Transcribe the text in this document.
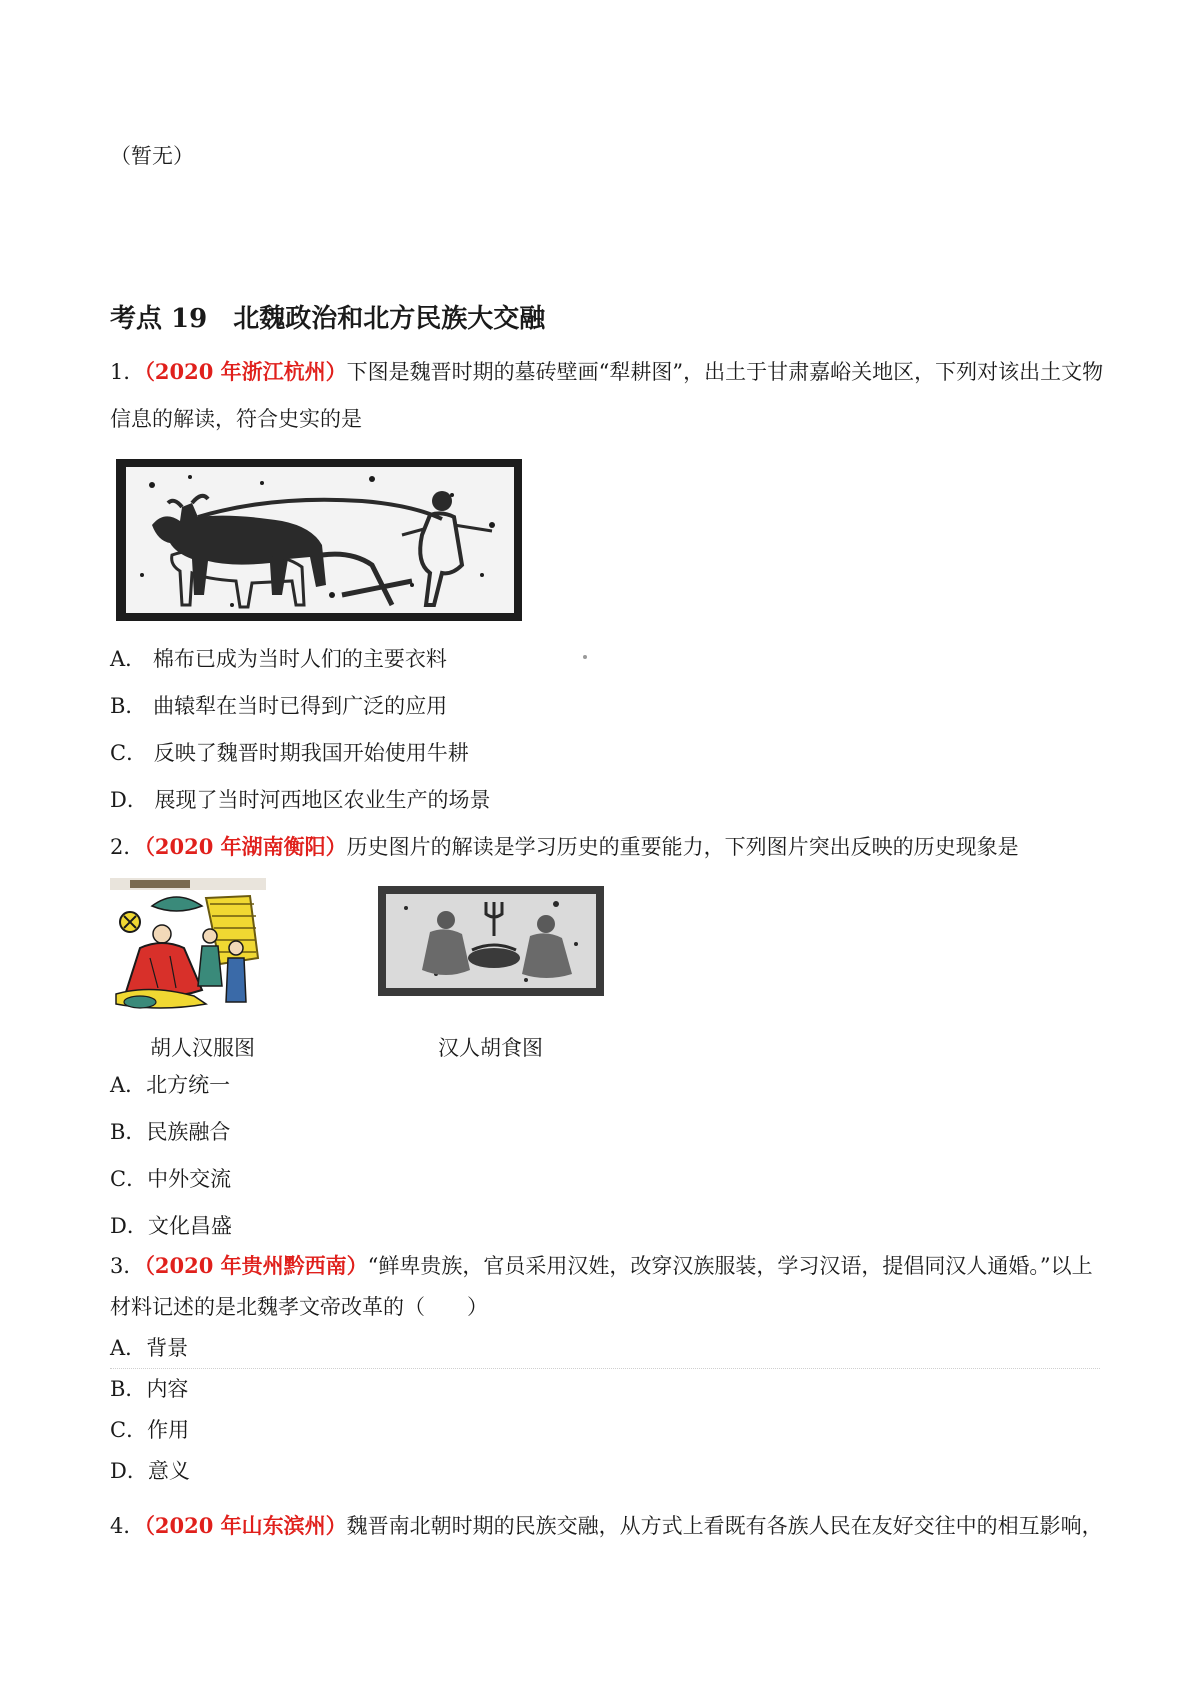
（暂无）
考点 19　北魏政治和北方民族大交融
1．（2020 年浙江杭州）下图是魏晋时期的墓砖壁画“犁耕图”，出土于甘肃嘉峪关地区，下列对该出土文物
信息的解读，符合史实的是
A． 棉布已成为当时人们的主要衣料
B． 曲辕犁在当时已得到广泛的应用
C． 反映了魏晋时期我国开始使用牛耕
D． 展现了当时河西地区农业生产的场景
2．（2020 年湖南衡阳）历史图片的解读是学习历史的重要能力，下列图片突出反映的历史现象是
胡人汉服图	汉人胡食图
A．北方统一
B．民族融合
C．中外交流
D．文化昌盛
3．（2020 年贵州黔西南）“鲜卑贵族，官员采用汉姓，改穿汉族服装，学习汉语，提倡同汉人通婚。”以上
材料记述的是北魏孝文帝改革的（　　）
A．背景
B．内容
C．作用
D．意义
4．（2020 年山东滨州）魏晋南北朝时期的民族交融，从方式上看既有各族人民在友好交往中的相互影响，
